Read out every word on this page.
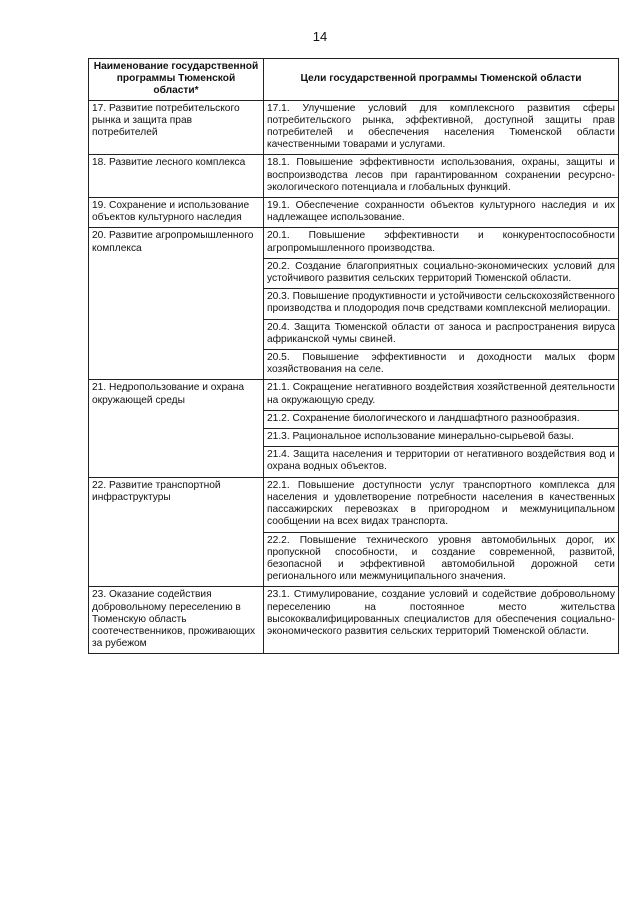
14
Наименование государственной программы Тюменской области*	Цели государственной программы Тюменской области
17. Развитие потребительского рынка и защита прав потребителей	17.1. Улучшение условий для комплексного развития сферы потребительского рынка, эффективной, доступной защиты прав потребителей и обеспечения населения Тюменской области качественными товарами и услугами.
18. Развитие лесного комплекса	18.1. Повышение эффективности использования, охраны, защиты и воспроизводства лесов при гарантированном сохранении ресурсно-экологического потенциала и глобальных функций.
19. Сохранение и использование объектов культурного наследия	19.1. Обеспечение сохранности объектов культурного наследия и их надлежащее использование.
20. Развитие агропромышленного комплекса	20.1. Повышение эффективности и конкурентоспособности агропромышленного производства.
	20.2. Создание благоприятных социально-экономических условий для устойчивого развития сельских территорий Тюменской области.
	20.3. Повышение продуктивности и устойчивости сельскохозяйственного производства и плодородия почв средствами комплексной мелиорации.
	20.4. Защита Тюменской области от заноса и распространения вируса африканской чумы свиней.
	20.5. Повышение эффективности и доходности малых форм хозяйствования на селе.
21. Недропользование и охрана окружающей среды	21.1. Сокращение негативного воздействия хозяйственной деятельности на окружающую среду.
	21.2. Сохранение биологического и ландшафтного разнообразия.
	21.3. Рациональное использование минерально-сырьевой базы.
	21.4. Защита населения и территории от негативного воздействия вод и охрана водных объектов.
22. Развитие транспортной инфраструктуры	22.1. Повышение доступности услуг транспортного комплекса для населения и удовлетворение потребности населения в качественных пассажирских перевозках в пригородном и межмуниципальном сообщении на всех видах транспорта.
	22.2. Повышение технического уровня автомобильных дорог, их пропускной способности, и создание современной, развитой, безопасной и эффективной автомобильной дорожной сети регионального или межмуниципального значения.
23. Оказание содействия добровольному переселению в Тюменскую область соотечественников, проживающих за рубежом	23.1. Стимулирование, создание условий и содействие добровольному переселению на постоянное место жительства высококвалифицированных специалистов для обеспечения социально-экономического развития сельских территорий Тюменской области.
